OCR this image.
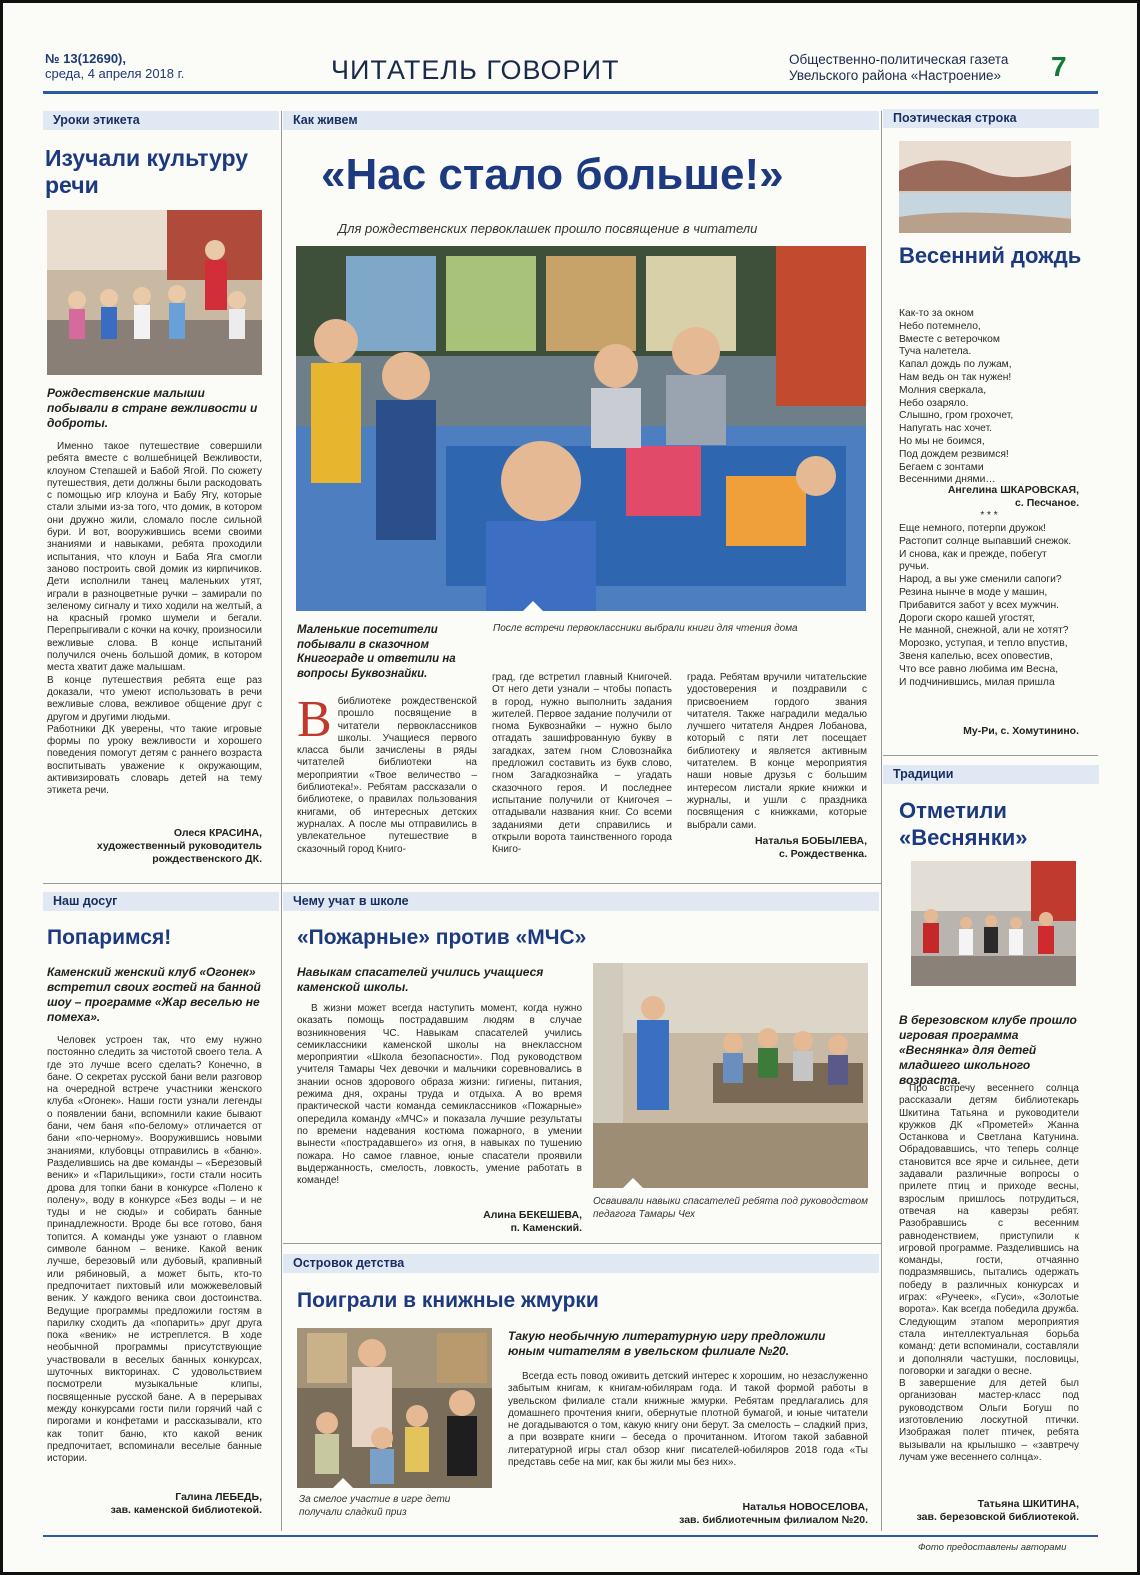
№ 13(12690),
среда, 4 апреля 2018 г.	ЧИТАТЕЛЬ ГОВОРИТ	Общественно-политическая газета
Увельского района «Настроение» 7
Уроки этикета
Изучали культуру речи
Рождественские малыши побывали в стране вежливости и доброты.
Именно такое путешествие совершили ребята вместе с волшебницей Вежливости, клоуном Степашей и Бабой Ягой. По сюжету путешествия, дети должны были раскодовать с помощью игр клоуна и Бабу Ягу, которые стали злыми из-за того, что домик, в котором они дружно жили, сломало после сильной бури. И вот, вооружившись всеми своими знаниями и навыками, ребята проходили испытания, что клоун и Баба Яга смогли заново построить свой домик из кирпичиков. Дети исполнили танец маленьких утят, играли в разноцветные ручки – замирали по зеленому сигналу и тихо ходили на желтый, а на красный громко шумели и бегали. Перепрыгивали с кочки на кочку, произносили вежливые слова. В конце испытаний получился очень большой домик, в котором места хватит даже малышам.
В конце путешествия ребята еще раз доказали, что умеют использовать в речи вежливые слова, вежливое общение друг с другом и другими людьми.
Работники ДК уверены, что такие игровые формы по уроку вежливости и хорошего поведения помогут детям с раннего возраста воспитывать уважение к окружающим, активизировать словарь детей на тему этикета речи.
Олеся КРАСИНА,
художественный руководитель рождественского ДК.
Как живем
«Нас стало больше!»
Для рождественских первоклашек прошло посвящение в читатели
После встречи первоклассники выбрали книги для чтения дома
Маленькие посетители побывали в сказочном Книгограде и ответили на вопросы Буквознайки.
Вбиблиотеке рождественской прошло посвящение в читатели первоклассников школы. Учащиеся первого класса были зачислены в ряды читателей библиотеки на мероприятии «Твое величество – библиотека!». Ребятам рассказали о библиотеке, о правилах пользования книгами, об интересных детских журналах. А после мы отправились в увлекательное путешествие в сказочный город Книго-
град, где встретил главный Книгочей. От него дети узнали – чтобы попасть в город, нужно выполнить задания жителей. Первое задание получили от гнома Буквознайки – нужно было отгадать зашифрованную букву в загадках, затем гном Словознайка предложил составить из букв слово, гном Загадкознайка – угадать сказочного героя. И последнее испытание получили от Книгочея – отгадывали названия книг. Со всеми заданиями дети справились и открыли ворота таинственного города Книго-
града. Ребятам вручили читательские удостоверения и поздравили с присвоением гордого звания читателя. Также наградили медалью лучшего читателя Андрея Лобанова, который с пяти лет посещает библиотеку и является активным читателем. В конце мероприятия наши новые друзья с большим интересом листали яркие книжки и журналы, и ушли с праздника посвящения с книжками, которые выбрали сами.
Наталья БОБЫЛЕВА,
с. Рождественка.
Поэтическая строка
Весенний дождь
Как-то за окном
Небо потемнело,
Вместе с ветерочком
Туча налетела.
Капал дождь по лужам,
Нам ведь он так нужен!
Молния сверкала,
Небо озаряло.
Слышно, гром грохочет,
Напугать нас хочет.
Но мы не боимся,
Под дождем резвимся!
Бегаем с зонтами
Весенними днями…
Ангелина ШКАРОВСКАЯ,
с. Песчаное.
* * *
Еще немного, потерпи дружок!
Растопит солнце выпавший снежок.
И снова, как и прежде, побегут ручьи.
Народ, а вы уже сменили сапоги?
Резина нынче в моде у машин,
Прибавится забот у всех мужчин.
Дороги скоро кашей угостят,
Не манной, снежной, али не хотят?
Морозко, уступая, и тепло впустив,
Звеня капелью, всех оповестив,
Что все равно любима им Весна,
И подчинившись, милая пришла
Му-Ри, с. Хомутинино.
Традиции
Отметили «Веснянки»
В березовском клубе прошло игровая программа «Веснянка» для детей младшего школьного возраста.
Про встречу весеннего солнца рассказали детям библиотекарь Шкитина Татьяна и руководители кружков ДК «Прометей» Жанна Останкова и Светлана Катунина. Обрадовавшись, что теперь солнце становится все ярче и сильнее, дети задавали различные вопросы о прилете птиц и приходе весны, взрослым пришлось потрудиться, отвечая на каверзы ребят. Разобравшись с весенним равноденствием, приступили к игровой программе. Разделившись на команды, гости, отчаянно подразмявшись, пытались одержать победу в различных конкурсах и играх: «Ручеек», «Гуси», «Золотые ворота». Как всегда победила дружба. Следующим этапом мероприятия стала интеллектуальная борьба команд: дети вспоминали, составляли и дополняли частушки, пословицы, поговорки и загадки о весне.
В завершение для детей был организован мастер-класс под руководством Ольги Богуш по изготовлению лоскутной птички. Изображая полет птичек, ребята вызывали на крылышко – «завтречу лучам уже весеннего солнца».
Татьяна ШКИТИНА,
зав. березовской библиотекой.
Наш досуг
Попаримся!
Каменский женский клуб «Огонек» встретил своих гостей на банной шоу – программе «Жар веселью не помеха».
Человек устроен так, что ему нужно постоянно следить за чистотой своего тела. А где это лучше всего сделать? Конечно, в бане. О секретах русской бани вели разговор на очередной встрече участники женского клуба «Огонек». Наши гости узнали легенды о появлении бани, вспомнили какие бывают бани, чем баня «по-белому» отличается от бани «по-черному». Вооружившись новыми знаниями, клубовцы отправились в «баню». Разделившись на две команды – «Березовый веник» и «Парильщики», гости стали носить дрова для топки бани в конкурсе «Полено к полену», воду в конкурсе «Без воды – и не туды и не сюды» и собирать банные принадлежности. Вроде бы все готово, баня топится. А команды уже узнают о главном символе банном – венике. Какой веник лучше, березовый или дубовый, крапивный или рябиновый, а может быть, кто-то предпочитает пихтовый или можжевеловый веник. У каждого веника свои достоинства. Ведущие программы предложили гостям в парилку сходить да «попарить» друг друга пока «веник» не истреплется. В ходе необычной программы присутствующие участвовали в веселых банных конкурсах, шуточных викторинах. С удовольствием посмотрели музыкальные клипы, посвященные русской бане. А в перерывах между конкурсами гости пили горячий чай с пирогами и конфетами и рассказывали, кто как топит баню, кто какой веник предпочитает, вспоминали веселые банные истории.
Галина ЛЕБЕДЬ,
зав. каменской библиотекой.
Чему учат в школе
«Пожарные» против «МЧС»
Навыкам спасателей учились учащиеся каменской школы.
В жизни может всегда наступить момент, когда нужно оказать помощь пострадавшим людям в случае возникновения ЧС. Навыкам спасателей учились семиклассники каменской школы на внеклассном мероприятии «Школа безопасности». Под руководством учителя Тамары Чех девочки и мальчики соревновались в знании основ здорового образа жизни: гигиены, питания, режима дня, охраны труда и отдыха. А во время практической части команда семиклассников «Пожарные» опередила команду «МЧС» и показала лучшие результаты по времени надевания костюма пожарного, в умении вынести «пострадавшего» из огня, в навыках по тушению пожара. Но самое главное, юные спасатели проявили выдержанность, смелость, ловкость, умение работать в команде!
Алина БЕКЕШЕВА,
п. Каменский.
Осваивали навыки спасателей ребята под руководством педагога Тамары Чех
Островок детства
Поиграли в книжные жмурки
За смелое участие в игре дети получали сладкий приз
Такую необычную литературную игру предложили юным читателям в увельском филиале №20.
Всегда есть повод оживить детский интерес к хорошим, но незаслуженно забытым книгам, к книгам-юбилярам года. И такой формой работы в увельском филиале стали книжные жмурки. Ребятам предлагались для домашнего прочтения книги, обернутые плотной бумагой, и юные читатели не догадываются о том, какую книгу они берут. За смелость – сладкий приз, а при возврате книги – беседа о прочитанном. Итогом такой забавной литературной игры стал обзор книг писателей-юбиляров 2018 года «Ты представь себе на миг, как бы жили мы без них».
Наталья НОВОСЕЛОВА,
зав. библиотечным филиалом №20.
Фото предоставлены авторами
